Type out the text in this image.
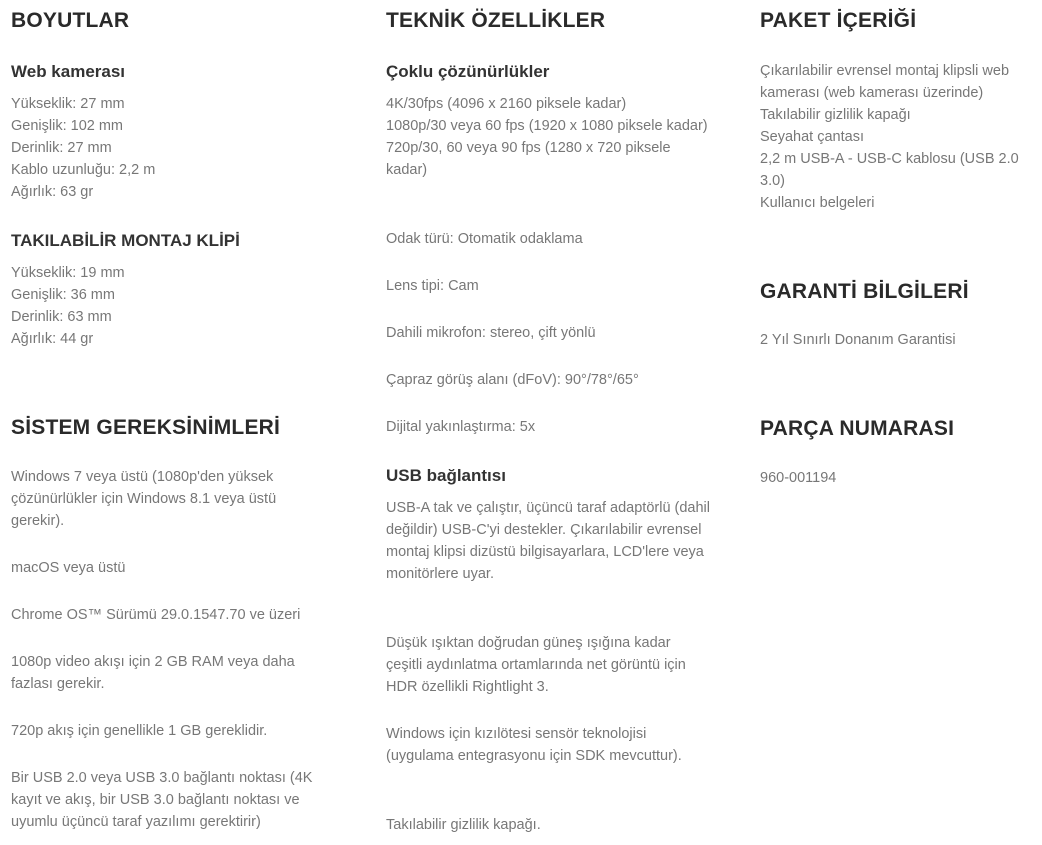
BOYUTLAR
Web kamerası
Yükseklik: 27 mm
Genişlik: 102 mm
Derinlik: 27 mm
Kablo uzunluğu: 2,2 m
Ağırlık: 63 gr
TAKILABİLİR MONTAJ KLİPİ
Yükseklik: 19 mm
Genişlik: 36 mm
Derinlik: 63 mm
Ağırlık: 44 gr
SİSTEM GEREKSİNİMLERİ

Windows 7 veya üstü (1080p'den yüksek çözünürlükler için Windows 8.1 veya üstü gerekir).

macOS veya üstü

Chrome OS™ Sürümü 29.0.1547.70 ve üzeri

1080p video akışı için 2 GB RAM veya daha fazlası gerekir.

720p akış için genellikle 1 GB gereklidir.

Bir USB 2.0 veya USB 3.0 bağlantı noktası (4K kayıt ve akış, bir USB 3.0 bağlantı noktası ve uyumlu üçüncü taraf yazılımı gerektirir)

TEKNİK ÖZELLİKLER
Çoklu çözünürlükler
4K/30fps (4096 x 2160 piksele kadar)
1080p/30 veya 60 fps (1920 x 1080 piksele kadar)
720p/30, 60 veya 90 fps (1280 x 720 piksele kadar)

Odak türü: Otomatik odaklama

Lens tipi: Cam

Dahili mikrofon: stereo, çift yönlü

Çapraz görüş alanı (dFoV): 90°/78°/65°

Dijital yakınlaştırma: 5x

USB bağlantısı

USB-A tak ve çalıştır, üçüncü taraf adaptörlü (dahil değildir) USB-C'yi destekler. Çıkarılabilir evrensel montaj klipsi dizüstü bilgisayarlara, LCD'lere veya monitörlere uyar.

Düşük ışıktan doğrudan güneş ışığına kadar çeşitli aydınlatma ortamlarında net görüntü için HDR özellikli Rightlight 3.

Windows için kızılötesi sensör teknolojisi (uygulama entegrasyonu için SDK mevcuttur).

Takılabilir gizlilik kapağı.

PAKET İÇERİĞİ
Çıkarılabilir evrensel montaj klipsli web kamerası (web kamerası üzerinde)
Takılabilir gizlilik kapağı
Seyahat çantası
2,2 m USB-A - USB-C kablosu (USB 2.0 3.0)
Kullanıcı belgeleri
GARANTİ BİLGİLERİ

2 Yıl Sınırlı Donanım Garantisi

PARÇA NUMARASI

960-001194
